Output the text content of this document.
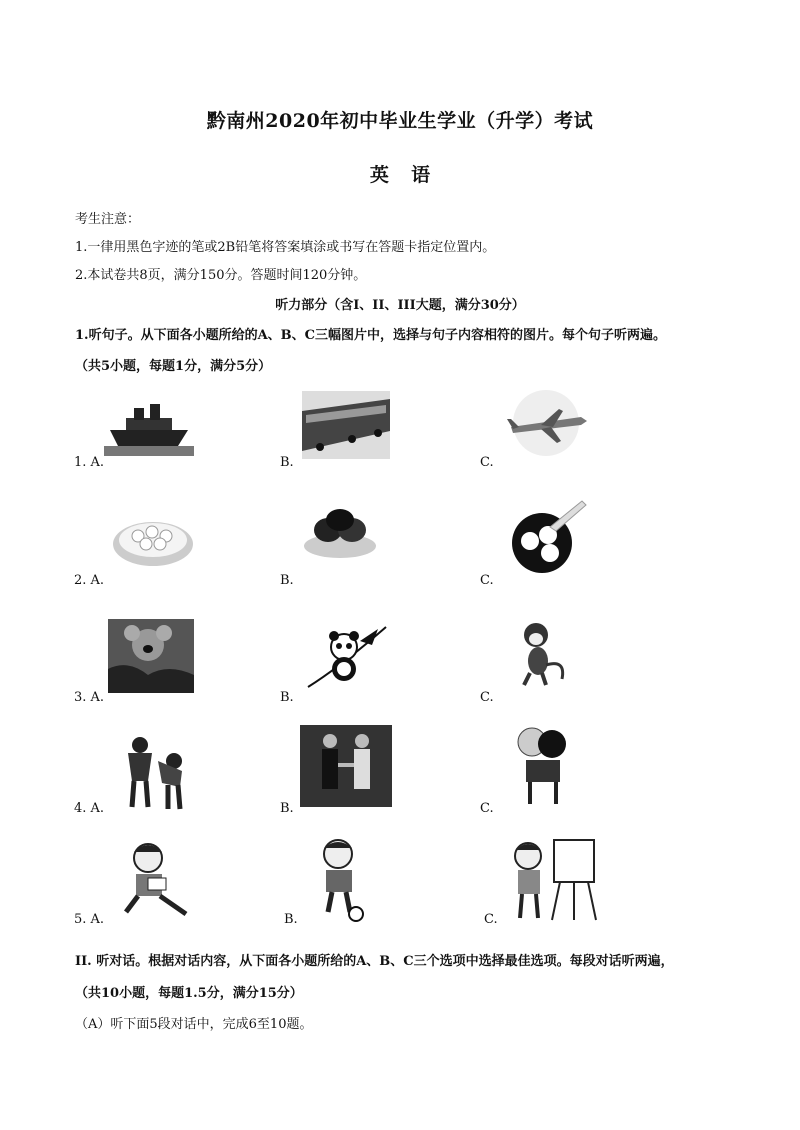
黔南州2020年初中毕业生学业（升学）考试
英 语
考生注意：
1.一律用黑色字迹的笔或2B铅笔将答案填涂或书写在答题卡指定位置内。
2.本试卷共8页，满分150分。答题时间120分钟。
听力部分（含I、II、III大题，满分30分）
1.听句子。从下面各小题所给的A、B、C三幅图片中，选择与句子内容相符的图片。每个句子听两遍。
（共5小题，每题1分，满分5分）
1. A.	B.	C.
2. A.	B.	C.
3. A.	B.	C.
4. A.	B.	C.
5. A.	B.	C.
II. 听对话。根据对话内容，从下面各小题所给的A、B、C三个选项中选择最佳选项。每段对话听两遍，
（共10小题，每题1.5分，满分15分）
（A）听下面5段对话中，完成6至10题。
